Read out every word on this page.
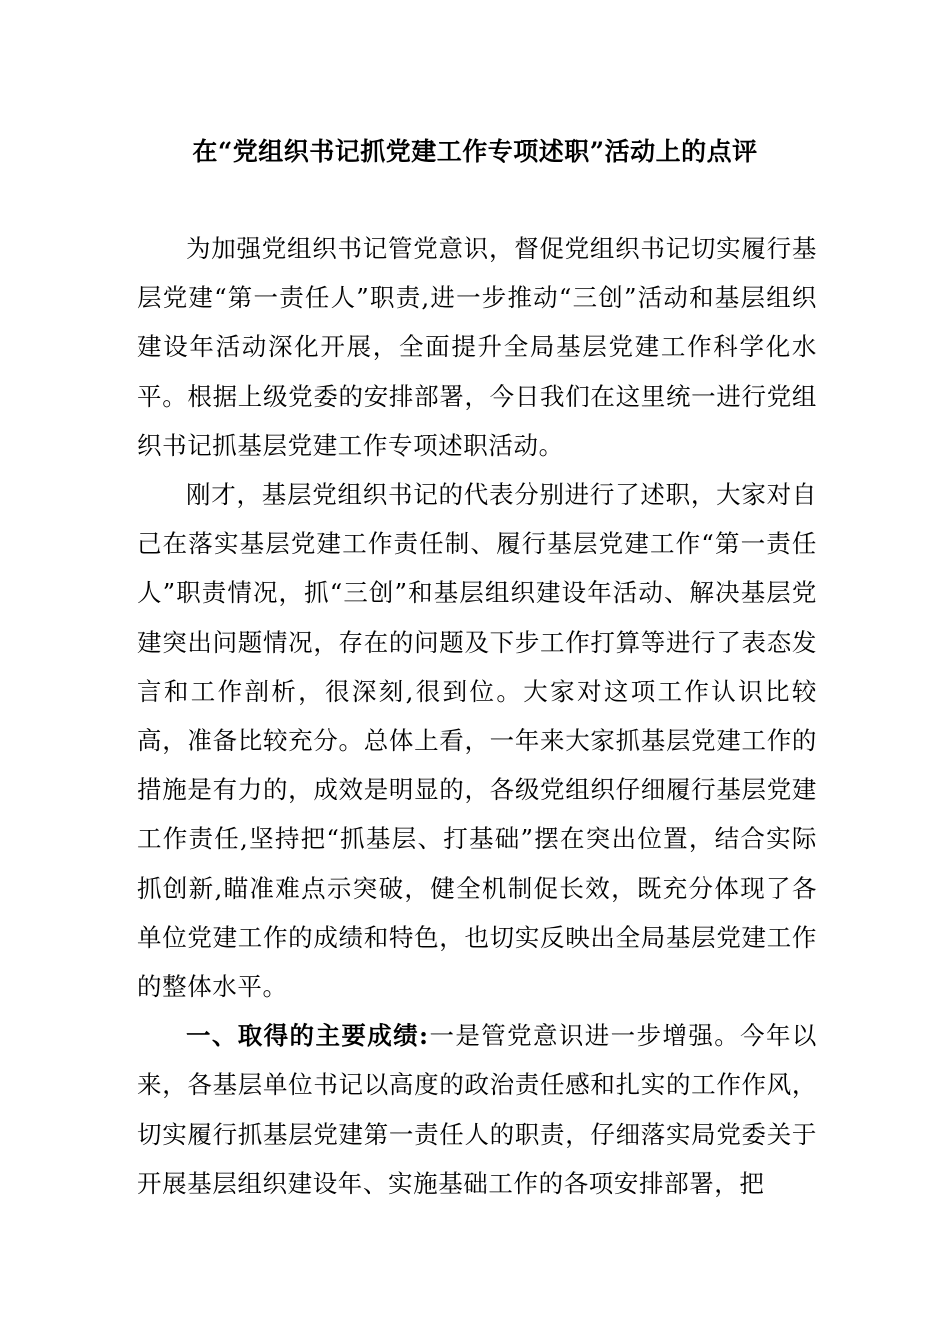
在“党组织书记抓党建工作专项述职”活动上的点评

为加强党组织书记管党意识，督促党组织书记切实履行基层党建“第一责任人”职责,进一步推动“三创”活动和基层组织建设年活动深化开展，全面提升全局基层党建工作科学化水平。根据上级党委的安排部署，今日我们在这里统一进行党组织书记抓基层党建工作专项述职活动。

刚才，基层党组织书记的代表分别进行了述职，大家对自己在落实基层党建工作责任制、履行基层党建工作“第一责任人”职责情况，抓“三创”和基层组织建设年活动、解决基层党建突出问题情况，存在的问题及下步工作打算等进行了表态发言和工作剖析，很深刻,很到位。大家对这项工作认识比较高，准备比较充分。总体上看，一年来大家抓基层党建工作的措施是有力的，成效是明显的，各级党组织仔细履行基层党建工作责任,坚持把“抓基层、打基础”摆在突出位置，结合实际抓创新,瞄准难点示突破，健全机制促长效，既充分体现了各单位党建工作的成绩和特色，也切实反映出全局基层党建工作的整体水平。

一、取得的主要成绩:一是管党意识进一步增强。今年以来，各基层单位书记以高度的政治责任感和扎实的工作作风，切实履行抓基层党建第一责任人的职责，仔细落实局党委关于开展基层组织建设年、实施基础工作的各项安排部署，把
